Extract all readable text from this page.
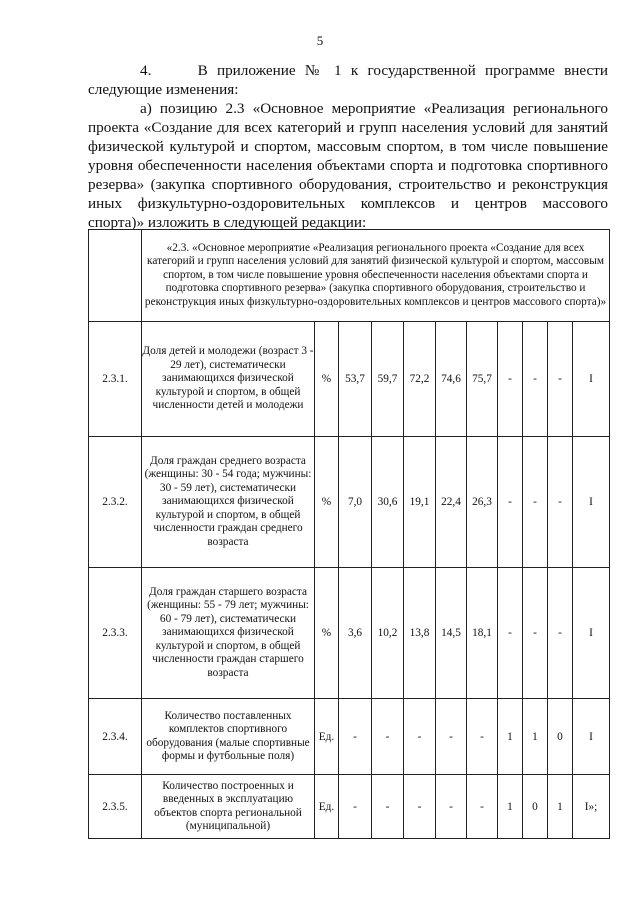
5

4.     В приложение № 1 к государственной программе внести следующие изменения:

а) позицию 2.3 «Основное мероприятие «Реализация регионального проекта «Создание для всех категорий и групп населения условий для занятий физической культурой и спортом, массовым спортом, в том числе повышение уровня обеспеченности населения объектами спорта и подготовка спортивного резерва» (закупка спортивного оборудования, строительство и реконструкция иных физкультурно-оздоровительных комплексов и центров массового спорта)» изложить в следующей редакции:

	«2.3. «Основное мероприятие «Реализация регионального проекта «Создание для всех категорий и групп населения условий для занятий физической культурой и спортом, массовым спортом, в том числе повышение уровня обеспеченности населения объектами спорта и подготовка спортивного резерва» (закупка спортивного оборудования, строительство и реконструкция иных физкультурно-оздоровительных комплексов и центров массового спорта)»										
2.3.1.	Доля детей и молодежи (возраст 3 - 29 лет), систематически занимающихся физической культурой и спортом, в общей численности детей и молодежи	%	53,7	59,7	72,2	74,6	75,7	-	-	-	I
2.3.2.	Доля граждан среднего возраста (женщины: 30 - 54 года; мужчины: 30 - 59 лет), систематически занимающихся физической культурой и спортом, в общей численности граждан среднего возраста	%	7,0	30,6	19,1	22,4	26,3	-	-	-	I
2.3.3.	Доля граждан старшего возраста (женщины: 55 - 79 лет; мужчины: 60 - 79 лет), систематически занимающихся физической культурой и спортом, в общей численности граждан старшего возраста	%	3,6	10,2	13,8	14,5	18,1	-	-	-	I
2.3.4.	Количество поставленных комплектов спортивного оборудования (малые спортивные формы и футбольные поля)	Ед.	-	-	-	-	-	1	1	0	I
2.3.5.	Количество построенных и введенных в эксплуатацию объектов спорта региональной (муниципальной)	Ед.	-	-	-	-	-	1	0	1	I»;
